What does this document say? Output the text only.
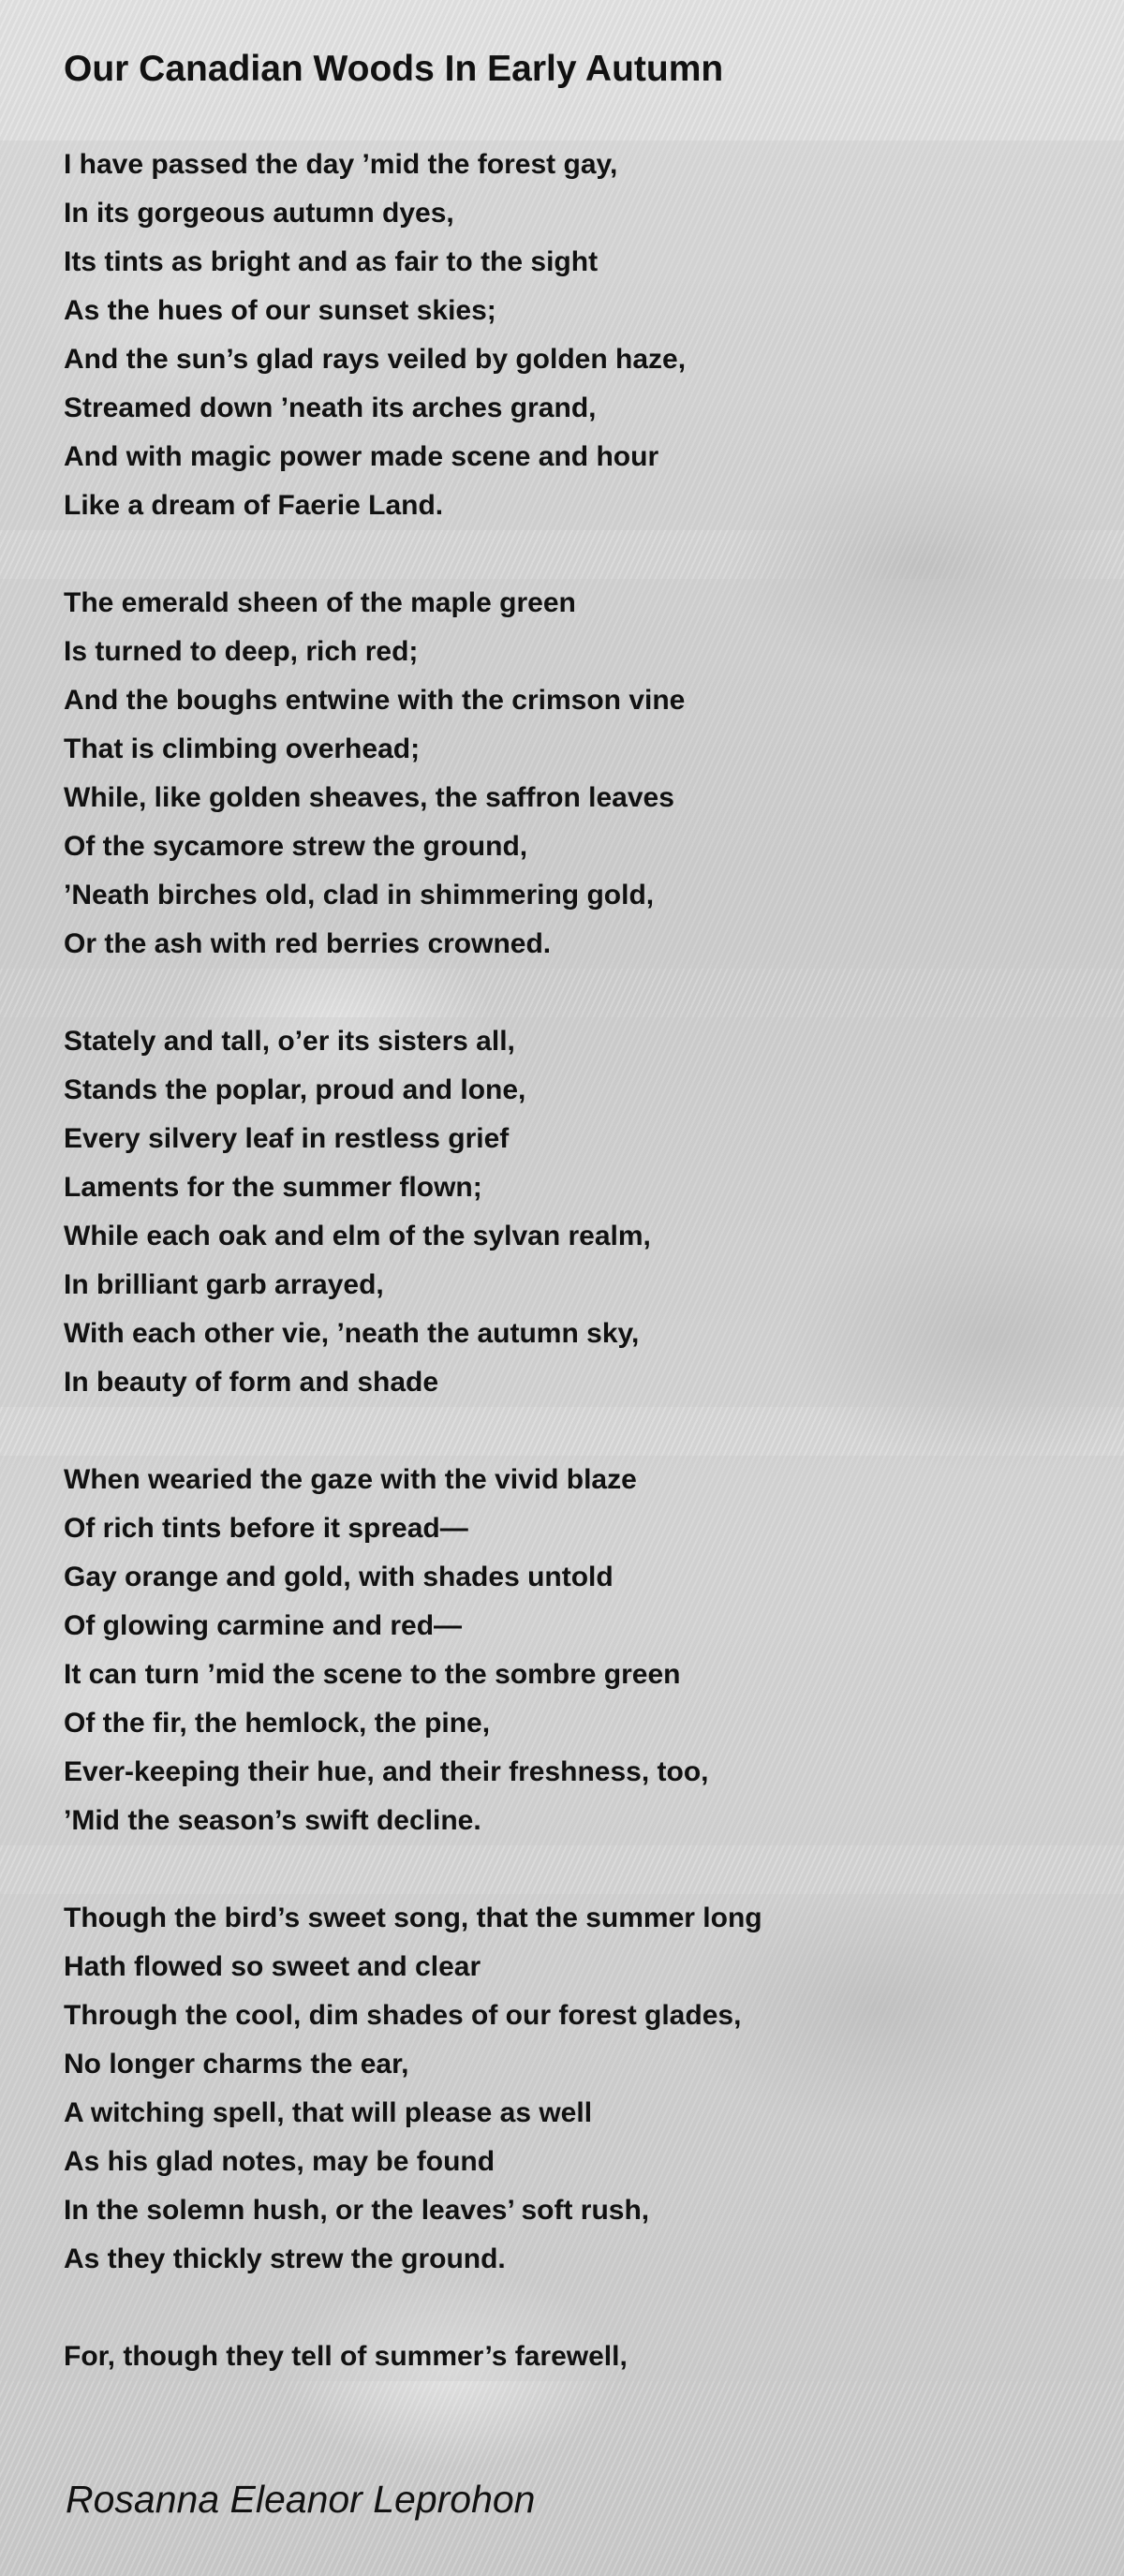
Our Canadian Woods In Early Autumn
I have passed the day ’mid the forest gay,
In its gorgeous autumn dyes,
Its tints as bright and as fair to the sight
As the hues of our sunset skies;
And the sun’s glad rays veiled by golden haze,
Streamed down ’neath its arches grand,
And with magic power made scene and hour
Like a dream of Faerie Land.
The emerald sheen of the maple green
Is turned to deep, rich red;
And the boughs entwine with the crimson vine
That is climbing overhead;
While, like golden sheaves, the saffron leaves
Of the sycamore strew the ground,
’Neath birches old, clad in shimmering gold,
Or the ash with red berries crowned.
Stately and tall, o’er its sisters all,
Stands the poplar, proud and lone,
Every silvery leaf in restless grief
Laments for the summer flown;
While each oak and elm of the sylvan realm,
In brilliant garb arrayed,
With each other vie, ’neath the autumn sky,
In beauty of form and shade
When wearied the gaze with the vivid blaze
Of rich tints before it spread—
Gay orange and gold, with shades untold
Of glowing carmine and red—
It can turn ’mid the scene to the sombre green
Of the fir, the hemlock, the pine,
Ever-keeping their hue, and their freshness, too,
’Mid the season’s swift decline.
Though the bird’s sweet song, that the summer long
Hath flowed so sweet and clear
Through the cool, dim shades of our forest glades,
No longer charms the ear,
A witching spell, that will please as well
As his glad notes, may be found
In the solemn hush, or the leaves’ soft rush,
As they thickly strew the ground.
For, though they tell of summer’s farewell,
Rosanna Eleanor Leprohon
